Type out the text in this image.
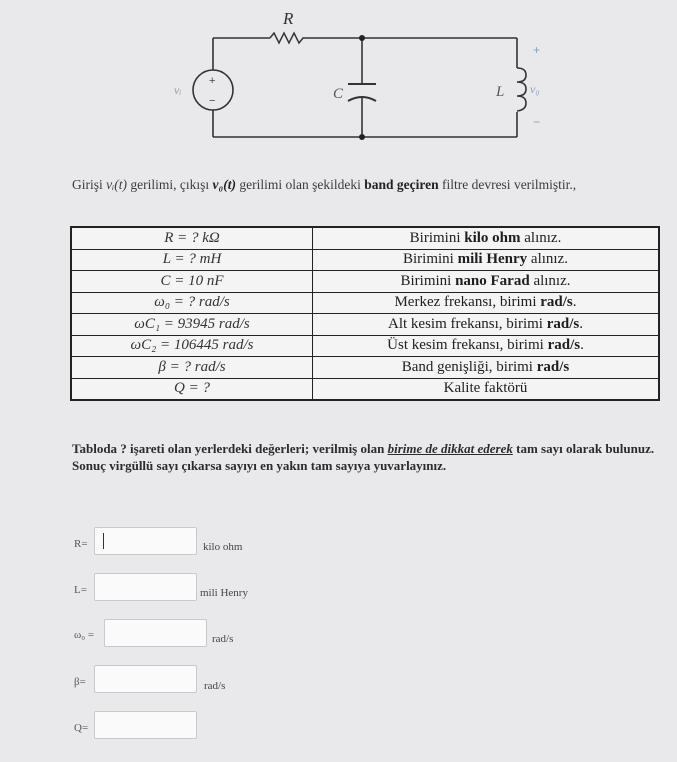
R
C	L
vᵢ	v₀
+
−
+
−
Girişi vᵢ(t) gerilimi, çıkışı v₀(t) gerilimi olan şekildeki band geçiren filtre devresi verilmiştir.,
R = ? kΩ	Birimini kilo ohm alınız.
L = ? mH	Birimini mili Henry alınız.
C = 10 nF	Birimini nano Farad alınız.
ω₀ = ? rad/s	Merkez frekansı, birimi rad/s.
ωC₁ = 93945 rad/s	Alt kesim frekansı, birimi rad/s.
ωC₂ = 106445 rad/s	Üst kesim frekansı, birimi rad/s.
β = ? rad/s	Band genişliği, birimi rad/s
Q = ?	Kalite faktörü
Tabloda ? işareti olan yerlerdeki değerleri; verilmiş olan birime de dikkat ederek tam sayı olarak bulunuz. Sonuç virgüllü sayı çıkarsa sayıyı en yakın tam sayıya yuvarlayınız.
R=	kilo ohm
L=	mili Henry
ω₀ =	rad/s
β=	rad/s
Q=
